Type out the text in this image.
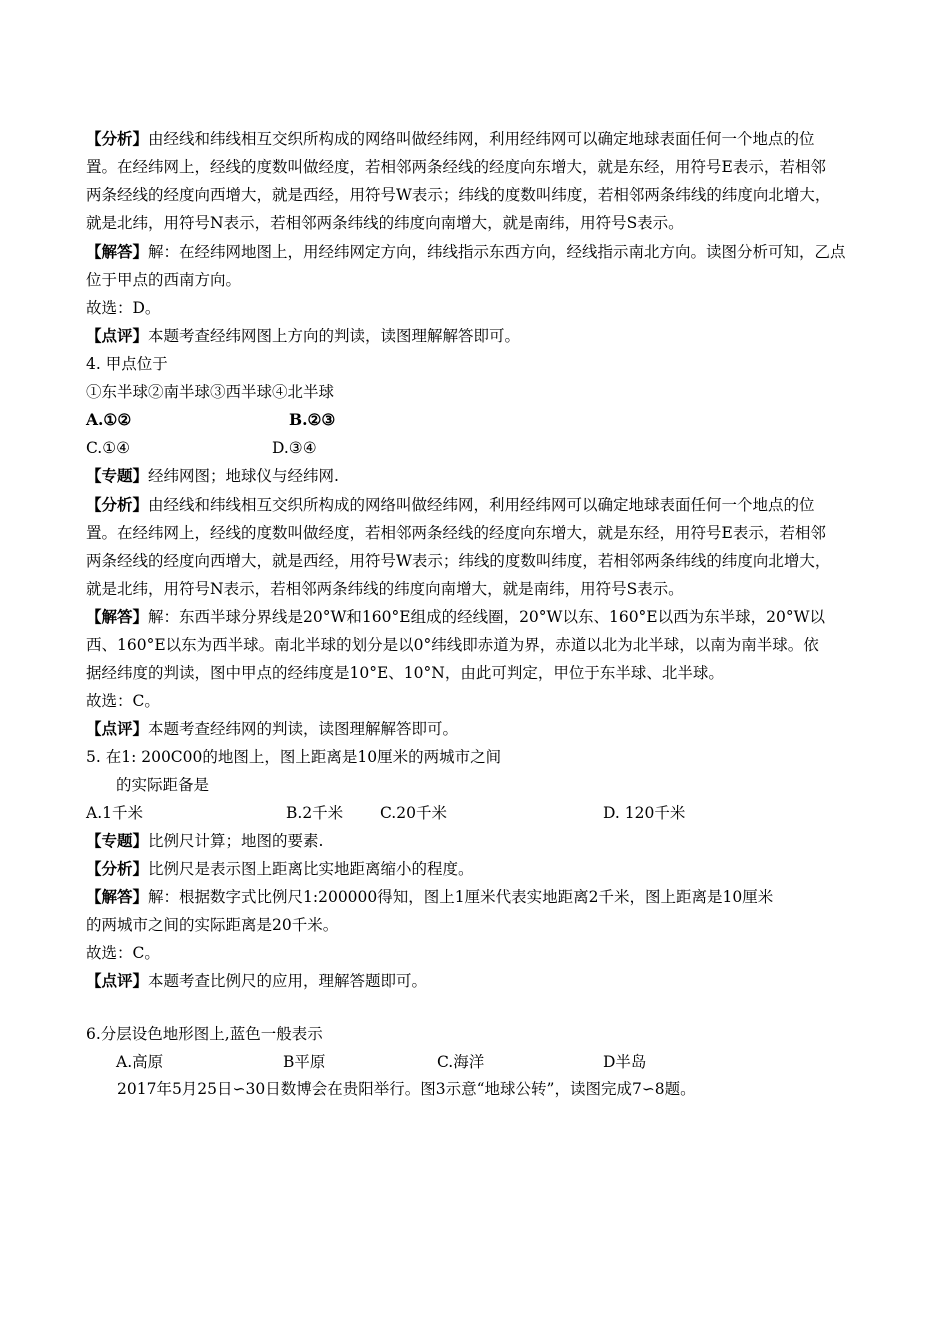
【分析】由经线和纬线相互交织所构成的网络叫做经纬网，利用经纬网可以确定地球表面任何一个地点的位
置。在经纬网上，经线的度数叫做经度，若相邻两条经线的经度向东增大，就是东经，用符号E表示，若相邻
两条经线的经度向西增大，就是西经，用符号W表示；纬线的度数叫纬度，若相邻两条纬线的纬度向北增大，
就是北纬，用符号N表示，若相邻两条纬线的纬度向南增大，就是南纬，用符号S表示。
【解答】解：在经纬网地图上，用经纬网定方向，纬线指示东西方向，经线指示南北方向。读图分析可知，乙点
位于甲点的西南方向。
故选：D。
【点评】本题考查经纬网图上方向的判读，读图理解解答即可。
4. 甲点位于
①东半球②南半球③西半球④北半球
A.①②	B.②③
C.①④	D.③④
【专题】经纬网图；地球仪与经纬网.
【分析】由经线和纬线相互交织所构成的网络叫做经纬网，利用经纬网可以确定地球表面任何一个地点的位
置。在经纬网上，经线的度数叫做经度，若相邻两条经线的经度向东增大，就是东经，用符号E表示，若相邻
两条经线的经度向西增大，就是西经，用符号W表示；纬线的度数叫纬度，若相邻两条纬线的纬度向北增大，
就是北纬，用符号N表示，若相邻两条纬线的纬度向南增大，就是南纬，用符号S表示。
【解答】解：东西半球分界线是20°W和160°E组成的经线圈，20°W以东、160°E以西为东半球，20°W以
西、160°E以东为西半球。南北半球的划分是以0°纬线即赤道为界，赤道以北为北半球，以南为南半球。依
据经纬度的判读，图中甲点的经纬度是10°E、10°N，由此可判定，甲位于东半球、北半球。
故选：C。
【点评】本题考查经纬网的判读，读图理解解答即可。
5. 在1: 200C00的地图上，图上距离是10厘米的两城市之间
的实际距备是
A.1千米	B.2千米 C.20千米	D. 120千米
【专题】比例尺计算；地图的要素.
【分析】比例尺是表示图上距离比实地距离缩小的程度。
【解答】解：根据数字式比例尺1:200000得知，图上1厘米代表实地距离2千米，图上距离是10厘米
的两城市之间的实际距离是20千米。
故选：C。
【点评】本题考查比例尺的应用，理解答题即可。
6.分层设色地形图上,蓝色一般表示
A.高原	B平原	C.海洋	D半岛
2017年5月25日∽30日数博会在贵阳举行。图3示意“地球公转”，读图完成7∽8题。
